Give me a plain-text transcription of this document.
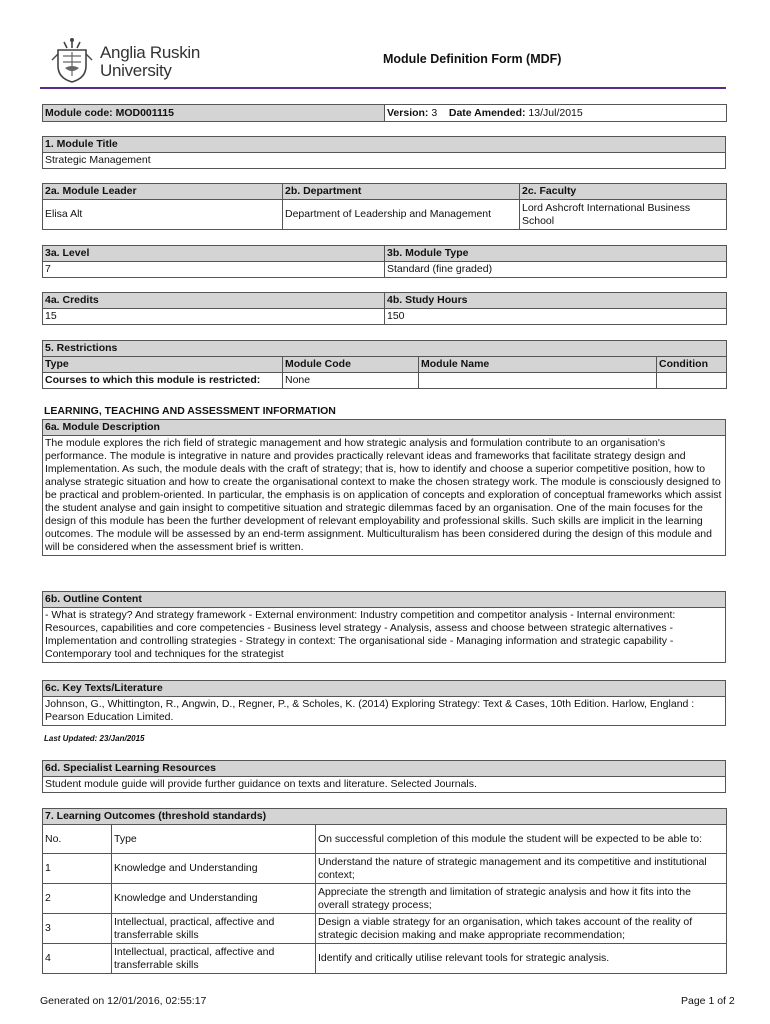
Anglia Ruskin
University
Module Definition Form (MDF)
Module code: MOD001115	Version: 3 Date Amended: 13/Jul/2015
1. Module Title
Strategic Management
2a. Module Leader	2b. Department	2c. Faculty
Elisa Alt	Department of Leadership and Management	Lord Ashcroft International Business School
3a. Level	3b. Module Type
7	Standard (fine graded)
4a. Credits	4b. Study Hours
15	150
5. Restrictions			
Type	Module Code	Module Name	Condition
Courses to which this module is restricted:	None		
LEARNING, TEACHING AND ASSESSMENT INFORMATION
6a. Module Description
The module explores the rich field of strategic management and how strategic analysis and formulation contribute to an organisation's performance. The module is integrative in nature and provides practically relevant ideas and frameworks that facilitate strategy design and Implementation. As such, the module deals with the craft of strategy; that is, how to identify and choose a superior competitive position, how to analyse strategic situation and how to create the organisational context to make the chosen strategy work. The module is consciously designed to be practical and problem-oriented. In particular, the emphasis is on application of concepts and exploration of conceptual frameworks which assist the student analyse and gain insight to competitive situation and strategic dilemmas faced by an organisation. One of the main focuses for the design of this module has been the further development of relevant employability and professional skills. Such skills are implicit in the learning outcomes. The module will be assessed by an end-term assignment. Multiculturalism has been considered during the design of this module and will be considered when the assessment brief is written.
6b. Outline Content
- What is strategy? And strategy framework - External environment: Industry competition and competitor analysis - Internal environment: Resources, capabilities and core competencies - Business level strategy - Analysis, assess and choose between strategic alternatives - Implementation and controlling strategies - Strategy in context: The organisational side - Managing information and strategic capability - Contemporary tool and techniques for the strategist
6c. Key Texts/Literature
Johnson, G., Whittington, R., Angwin, D., Regner, P., & Scholes, K. (2014) Exploring Strategy: Text & Cases, 10th Edition. Harlow, England : Pearson Education Limited.
Last Updated: 23/Jan/2015
6d. Specialist Learning Resources
Student module guide will provide further guidance on texts and literature. Selected Journals.
7. Learning Outcomes (threshold standards)		
No.	Type	On successful completion of this module the student will be expected to be able to:
1	Knowledge and Understanding	Understand the nature of strategic management and its competitive and institutional context;
2	Knowledge and Understanding	Appreciate the strength and limitation of strategic analysis and how it fits into the overall strategy process;
3	Intellectual, practical, affective and transferrable skills	Design a viable strategy for an organisation, which takes account of the reality of strategic decision making and make appropriate recommendation;
4	Intellectual, practical, affective and transferrable skills	Identify and critically utilise relevant tools for strategic analysis.
Generated on 12/01/2016, 02:55:17	Page 1 of 2
